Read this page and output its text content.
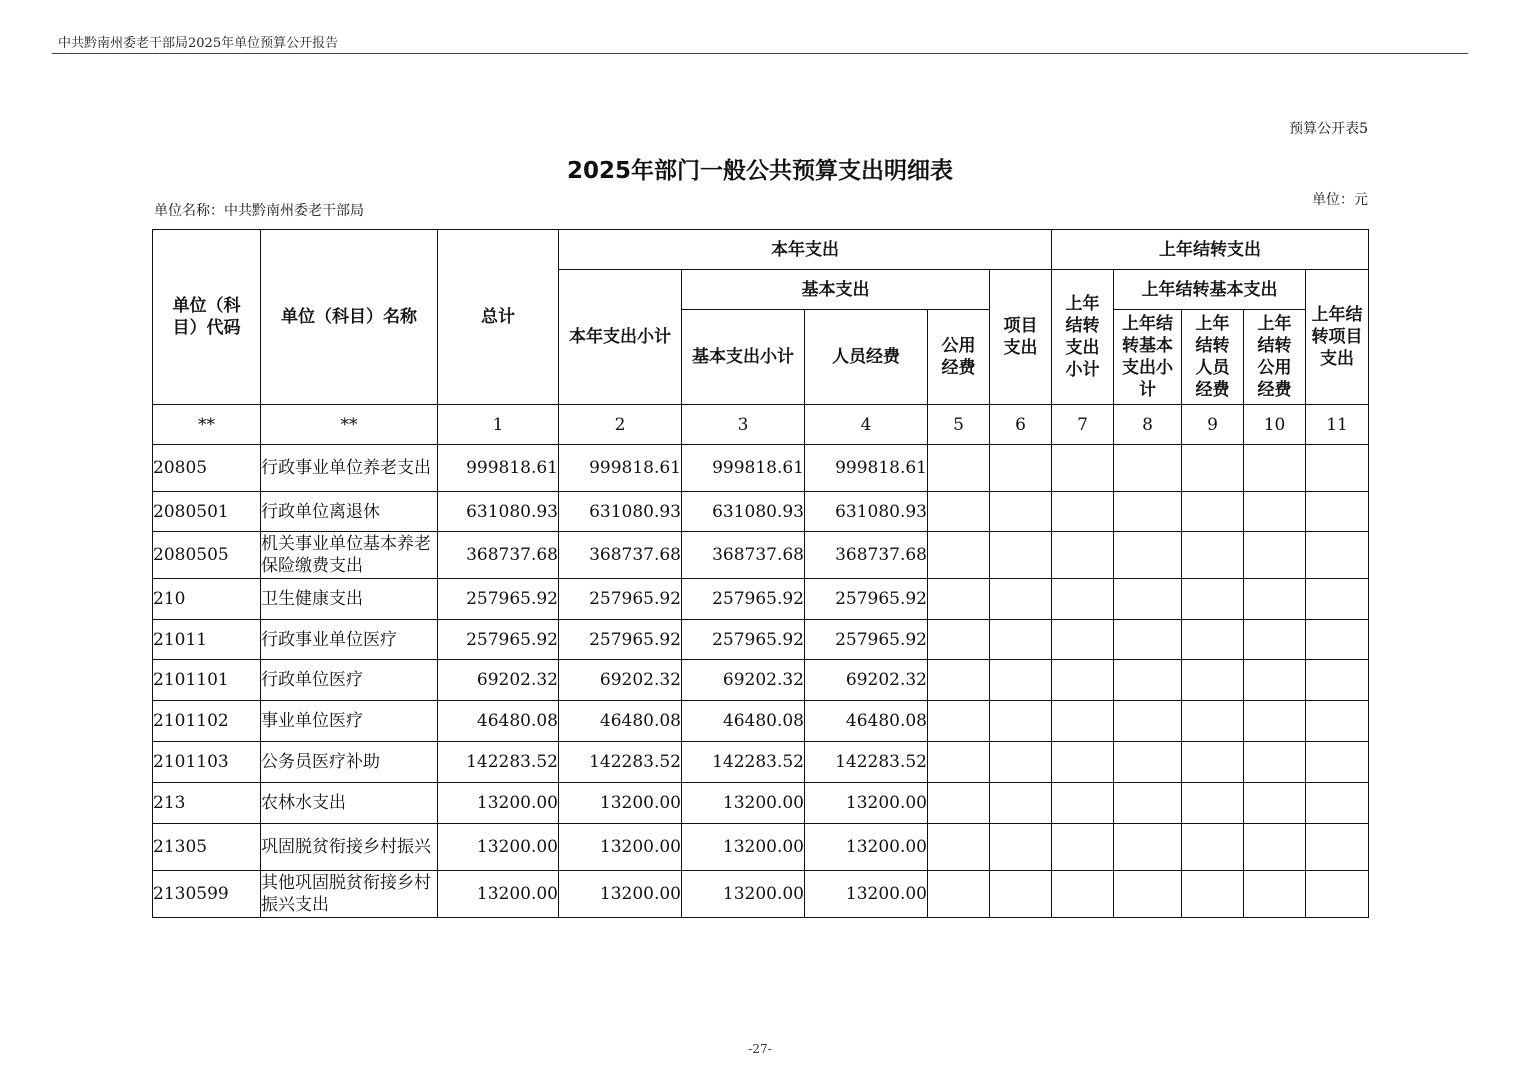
中共黔南州委老干部局2025年单位预算公开报告
预算公开表5
2025年部门一般公共预算支出明细表
单位名称：中共黔南州委老干部局
单位：元
单位（科目）代码	单位（科目）名称	总计	本年支出					上年结转支出				

			本年支出小计	基本支出			项目支出	上年结转支出小计	上年结转基本支出			上年结转项目支出

				基本支出小计	人员经费	公用经费			上年结转基本支出小计	上年结转人员经费	上年结转公用经费	

**	**	1	2	3	4	5	6	7	8	9	10	11
20805	行政事业单位养老支出	999818.61	999818.61	999818.61	999818.61							
2080501	行政单位离退休	631080.93	631080.93	631080.93	631080.93							
2080505	机关事业单位基本养老保险缴费支出	368737.68	368737.68	368737.68	368737.68							
210	卫生健康支出	257965.92	257965.92	257965.92	257965.92							
21011	行政事业单位医疗	257965.92	257965.92	257965.92	257965.92							
2101101	行政单位医疗	69202.32	69202.32	69202.32	69202.32							
2101102	事业单位医疗	46480.08	46480.08	46480.08	46480.08							
2101103	公务员医疗补助	142283.52	142283.52	142283.52	142283.52							
213	农林水支出	13200.00	13200.00	13200.00	13200.00							
21305	巩固脱贫衔接乡村振兴	13200.00	13200.00	13200.00	13200.00							
2130599	其他巩固脱贫衔接乡村振兴支出	13200.00	13200.00	13200.00	13200.00							
-27-
